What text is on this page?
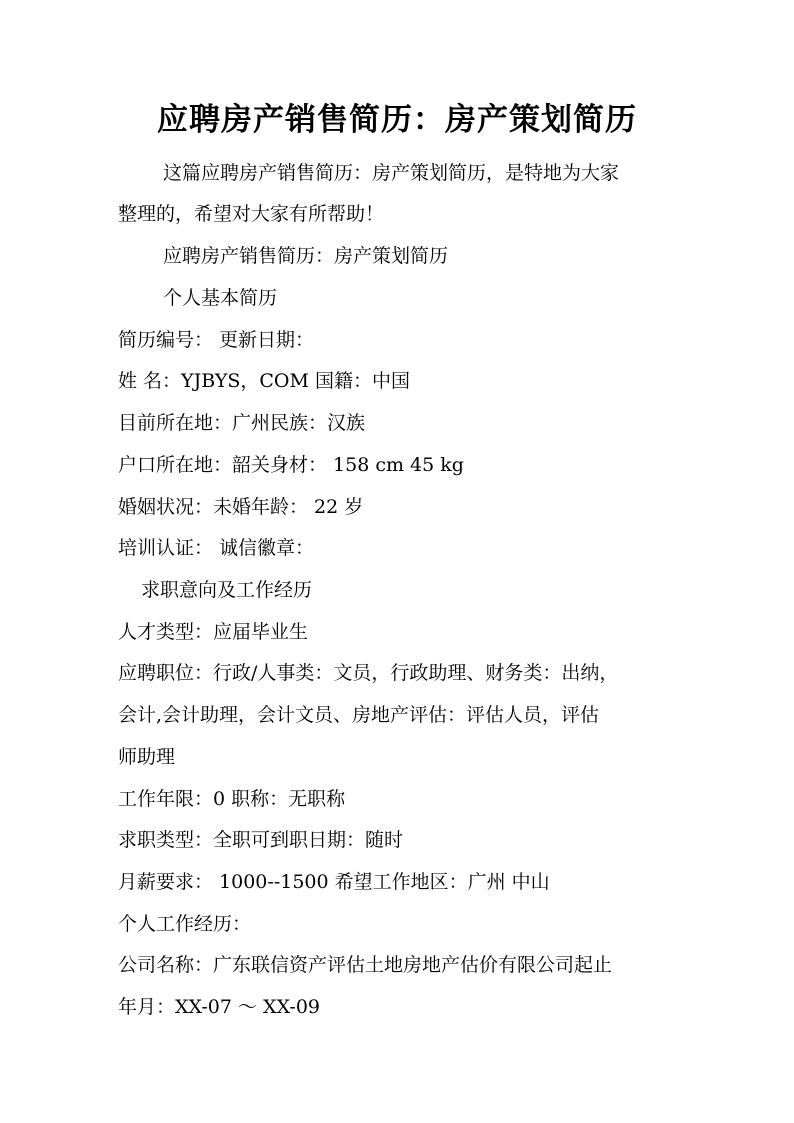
应聘房产销售简历：房产策划简历
这篇应聘房产销售简历：房产策划简历，是特地为大家
整理的，希望对大家有所帮助！
应聘房产销售简历：房产策划简历
个人基本简历
简历编号： 更新日期：
姓 名：YJBYS，COM 国籍：中国
目前所在地：广州民族：汉族
户口所在地：韶关身材： 158 cm 45 kg
婚姻状况：未婚年龄： 22 岁
培训认证： 诚信徽章：
求职意向及工作经历
人才类型：应届毕业生
应聘职位：行政/人事类：文员，行政助理、财务类：出纳，
会计,会计助理，会计文员、房地产评估：评估人员，评估
师助理
工作年限：0 职称：无职称
求职类型：全职可到职日期：随时
月薪要求： 1000--1500 希望工作地区：广州 中山
个人工作经历：
公司名称：广东联信资产评估土地房地产估价有限公司起止
年月：XX-07 ～ XX-09
